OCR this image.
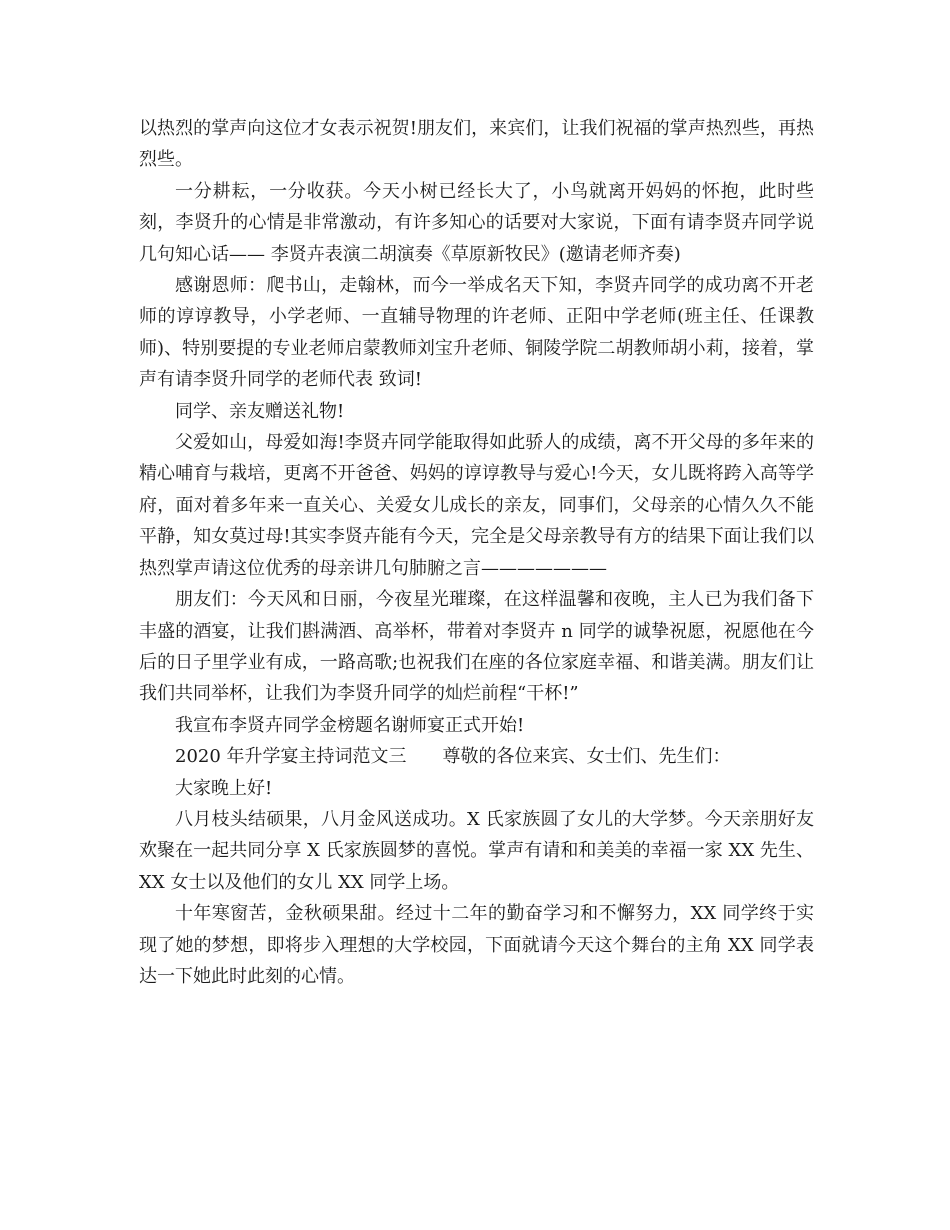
以热烈的掌声向这位才女表示祝贺!朋友们，来宾们，让我们祝福的掌声热烈些，再热烈些。

一分耕耘，一分收获。今天小树已经长大了，小鸟就离开妈妈的怀抱，此时些刻，李贤升的心情是非常激动，有许多知心的话要对大家说，下面有请李贤卉同学说几句知心话—— 李贤卉表演二胡演奏《草原新牧民》(邀请老师齐奏)

感谢恩师：爬书山，走翰林，而今一举成名天下知，李贤卉同学的成功离不开老师的谆谆教导，小学老师、一直辅导物理的许老师、正阳中学老师(班主任、任课教师)、特别要提的专业老师启蒙教师刘宝升老师、铜陵学院二胡教师胡小莉，接着，掌声有请李贤升同学的老师代表 致词!

同学、亲友赠送礼物!

父爱如山，母爱如海!李贤卉同学能取得如此骄人的成绩，离不开父母的多年来的精心哺育与栽培，更离不开爸爸、妈妈的谆谆教导与爱心!今天，女儿既将跨入高等学府，面对着多年来一直关心、关爱女儿成长的亲友，同事们，父母亲的心情久久不能平静，知女莫过母!其实李贤卉能有今天，完全是父母亲教导有方的结果下面让我们以热烈掌声请这位优秀的母亲讲几句肺腑之言———————

朋友们：今天风和日丽，今夜星光璀璨，在这样温馨和夜晚，主人已为我们备下丰盛的酒宴，让我们斟满酒、高举杯，带着对李贤卉 n 同学的诚挚祝愿，祝愿他在今后的日子里学业有成，一路高歌;也祝我们在座的各位家庭幸福、和谐美满。朋友们让我们共同举杯，让我们为李贤升同学的灿烂前程“干杯!”

我宣布李贤卉同学金榜题名谢师宴正式开始!

2020 年升学宴主持词范文三 尊敬的各位来宾、女士们、先生们：

大家晚上好!

八月枝头结硕果，八月金风送成功。X 氏家族圆了女儿的大学梦。今天亲朋好友欢聚在一起共同分享 X 氏家族圆梦的喜悦。掌声有请和和美美的幸福一家 XX 先生、XX 女士以及他们的女儿 XX 同学上场。

十年寒窗苦，金秋硕果甜。经过十二年的勤奋学习和不懈努力，XX 同学终于实现了她的梦想，即将步入理想的大学校园，下面就请今天这个舞台的主角 XX 同学表达一下她此时此刻的心情。
